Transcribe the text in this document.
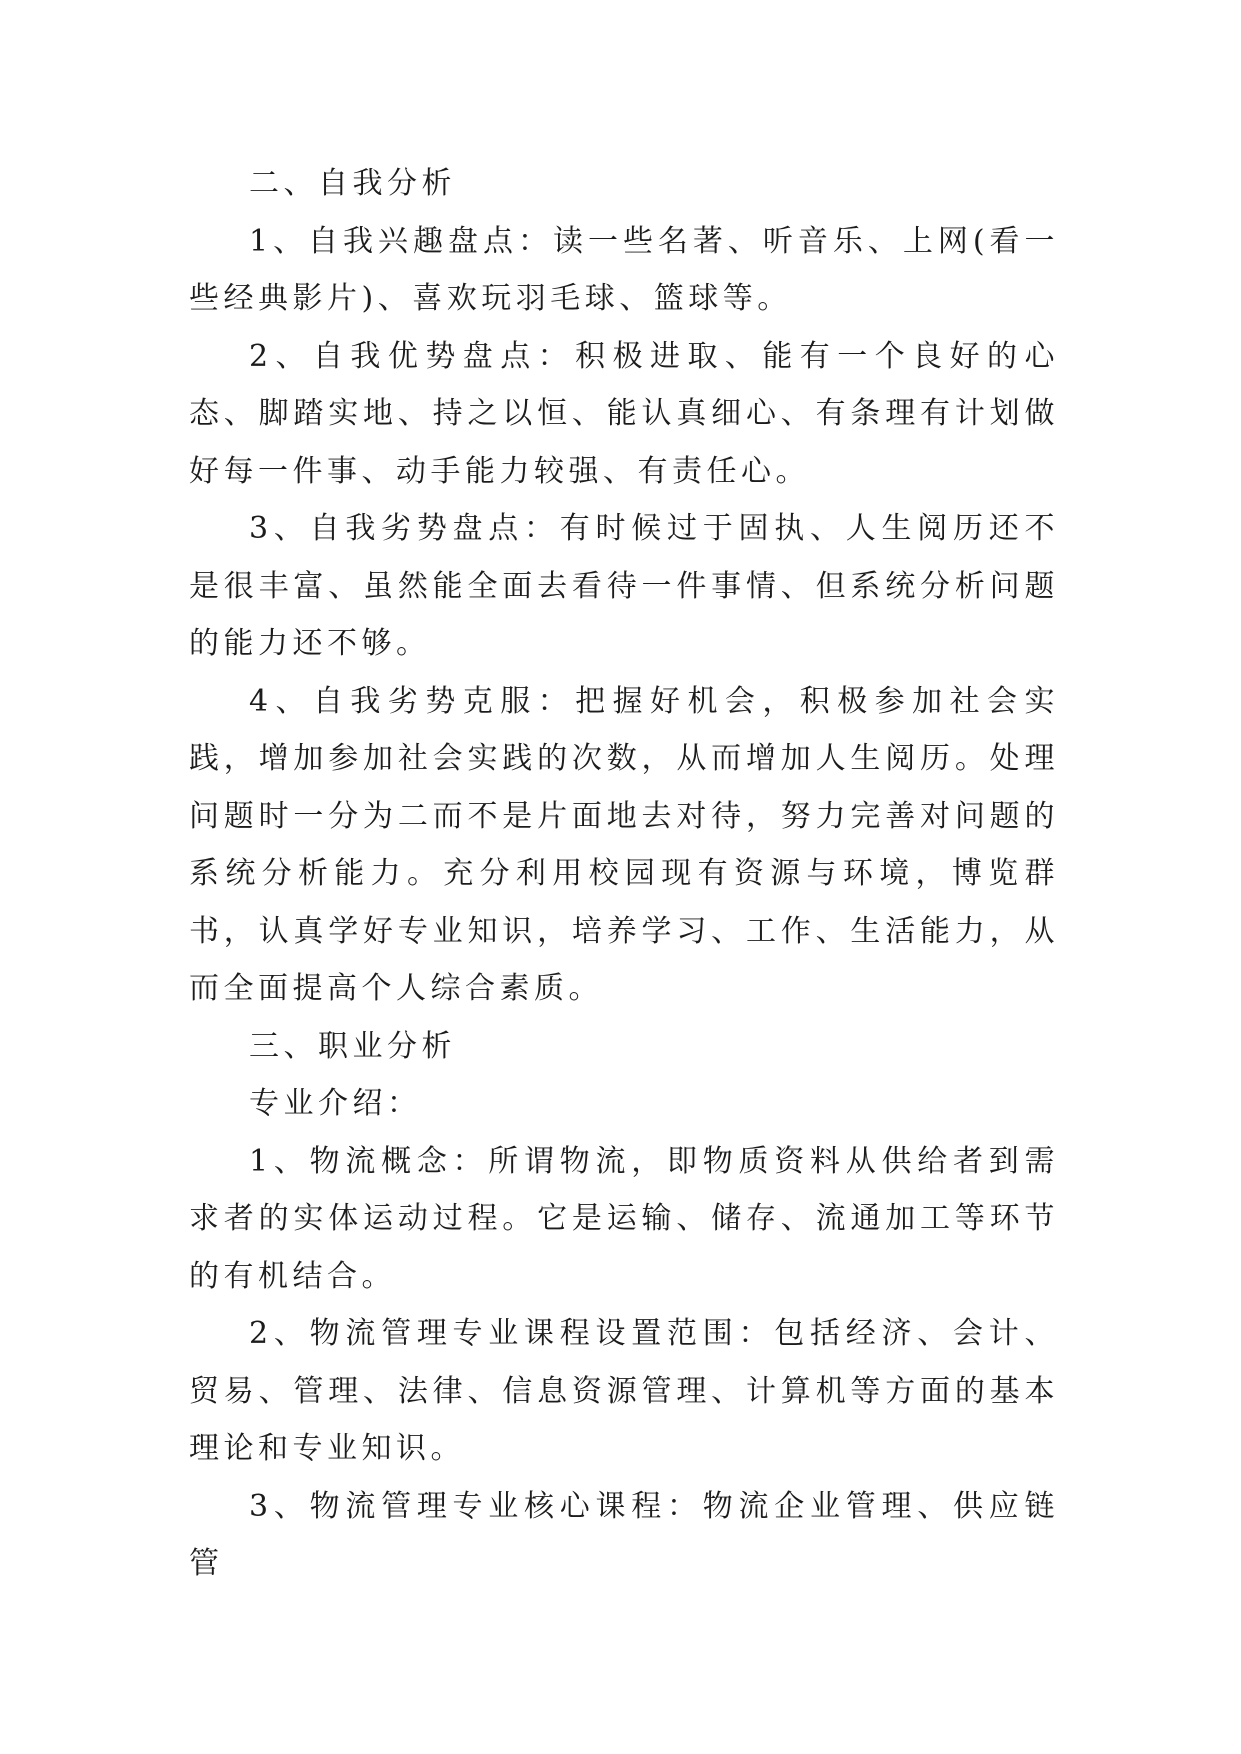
二、自我分析

1、自我兴趣盘点：读一些名著、听音乐、上网(看一些经典影片)、喜欢玩羽毛球、篮球等。

2、自我优势盘点：积极进取、能有一个良好的心态、脚踏实地、持之以恒、能认真细心、有条理有计划做好每一件事、动手能力较强、有责任心。

3、自我劣势盘点：有时候过于固执、人生阅历还不是很丰富、虽然能全面去看待一件事情、但系统分析问题的能力还不够。

4、自我劣势克服：把握好机会，积极参加社会实践，增加参加社会实践的次数，从而增加人生阅历。处理问题时一分为二而不是片面地去对待，努力完善对问题的系统分析能力。充分利用校园现有资源与环境，博览群书，认真学好专业知识，培养学习、工作、生活能力，从而全面提高个人综合素质。

三、职业分析

专业介绍：

1、物流概念：所谓物流，即物质资料从供给者到需求者的实体运动过程。它是运输、储存、流通加工等环节的有机结合。

2、物流管理专业课程设置范围：包括经济、会计、贸易、管理、法律、信息资源管理、计算机等方面的基本理论和专业知识。

3、物流管理专业核心课程：物流企业管理、供应链管
